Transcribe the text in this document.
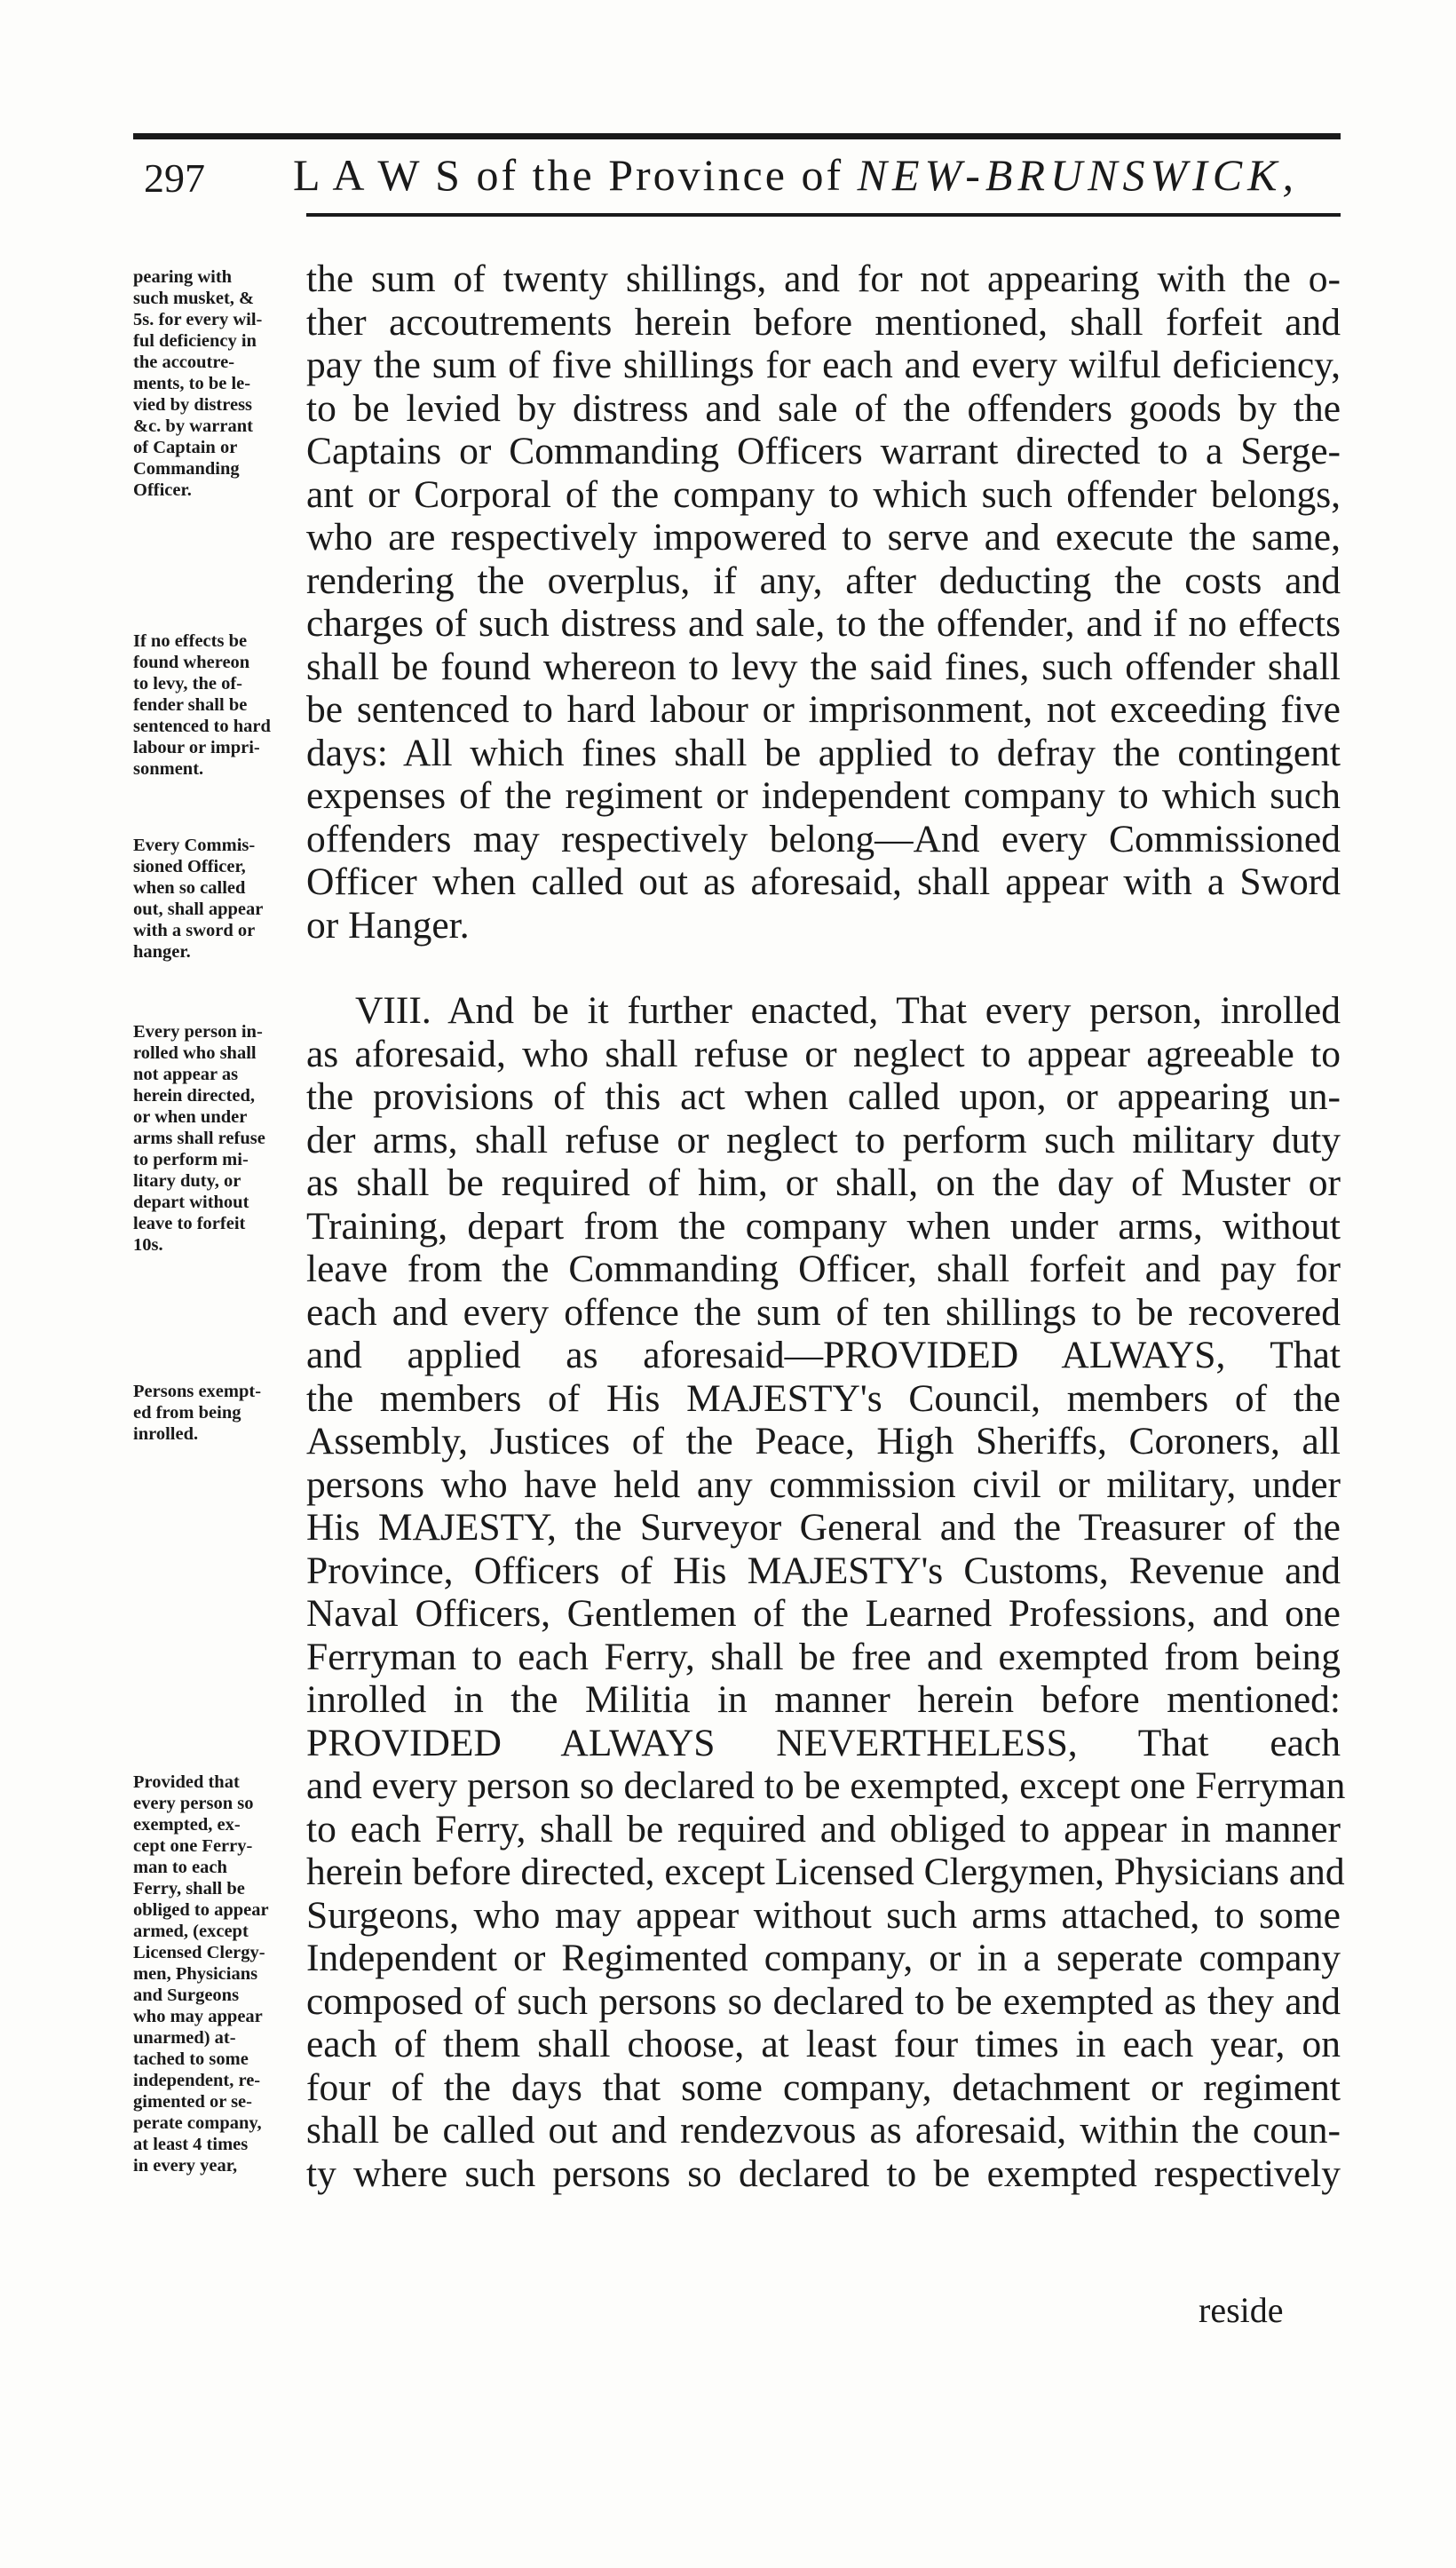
297 L A W S of the Province of NEW-BRUNSWICK,
pearing with
such musket, &
5s. for every wil-
ful deficiency in
the accoutre-
ments, to be le-
vied by distress
&c. by warrant
of Captain or
Commanding
Officer.
If no effects be
found whereon
to levy, the of-
fender shall be
sentenced to hard
labour or impri-
sonment.
Every Commis-
sioned Officer,
when so called
out, shall appear
with a sword or
hanger.
Every person in-
rolled who shall
not appear as
herein directed,
or when under
arms shall refuse
to perform mi-
litary duty, or
depart without
leave to forfeit
10s.
Persons exempt-
ed from being
inrolled.
Provided that
every person so
exempted, ex-
cept one Ferry-
man to each
Ferry, shall be
obliged to appear
armed, (except
Licensed Clergy-
men, Physicians
and Surgeons
who may appear
unarmed) at-
tached to some
independent, re-
gimented or se-
perate company,
at least 4 times
in every year,
the sum of twenty shillings, and for not appearing with the o-
ther accoutrements herein before mentioned, shall forfeit and
pay the sum of five shillings for each and every wilful deficiency,
to be levied by distress and sale of the offenders goods by the
Captains or Commanding Officers warrant directed to a Serge-
ant or Corporal of the company to which such offender belongs,
who are respectively impowered to serve and execute the same,
rendering the overplus, if any, after deducting the costs and
charges of such distress and sale, to the offender, and if no effects
shall be found whereon to levy the said fines, such offender shall
be sentenced to hard labour or imprisonment, not exceeding five
days: All which fines shall be applied to defray the contingent
expenses of the regiment or independent company to which such
offenders may respectively belong—And every Commissioned
Officer when called out as aforesaid, shall appear with a Sword
or Hanger.
VIII. And be it further enacted, That every person, inrolled
as aforesaid, who shall refuse or neglect to appear agreeable to
the provisions of this act when called upon, or appearing un-
der arms, shall refuse or neglect to perform such military duty
as shall be required of him, or shall, on the day of Muster or
Training, depart from the company when under arms, without
leave from the Commanding Officer, shall forfeit and pay for
each and every offence the sum of ten shillings to be recovered
and applied as aforesaid—PROVIDED ALWAYS, That
the members of His MAJESTY's Council, members of the
Assembly, Justices of the Peace, High Sheriffs, Coroners, all
persons who have held any commission civil or military, under
His MAJESTY, the Surveyor General and the Treasurer of the
Province, Officers of His MAJESTY's Customs, Revenue and
Naval Officers, Gentlemen of the Learned Professions, and one
Ferryman to each Ferry, shall be free and exempted from being
inrolled in the Militia in manner herein before mentioned:
PROVIDED ALWAYS NEVERTHELESS, That each
and every person so declared to be exempted, except one Ferryman
to each Ferry, shall be required and obliged to appear in manner
herein before directed, except Licensed Clergymen, Physicians and
Surgeons, who may appear without such arms attached, to some
Independent or Regimented company, or in a seperate company
composed of such persons so declared to be exempted as they and
each of them shall choose, at least four times in each year, on
four of the days that some company, detachment or regiment
shall be called out and rendezvous as aforesaid, within the coun-
ty where such persons so declared to be exempted respectively
reside
